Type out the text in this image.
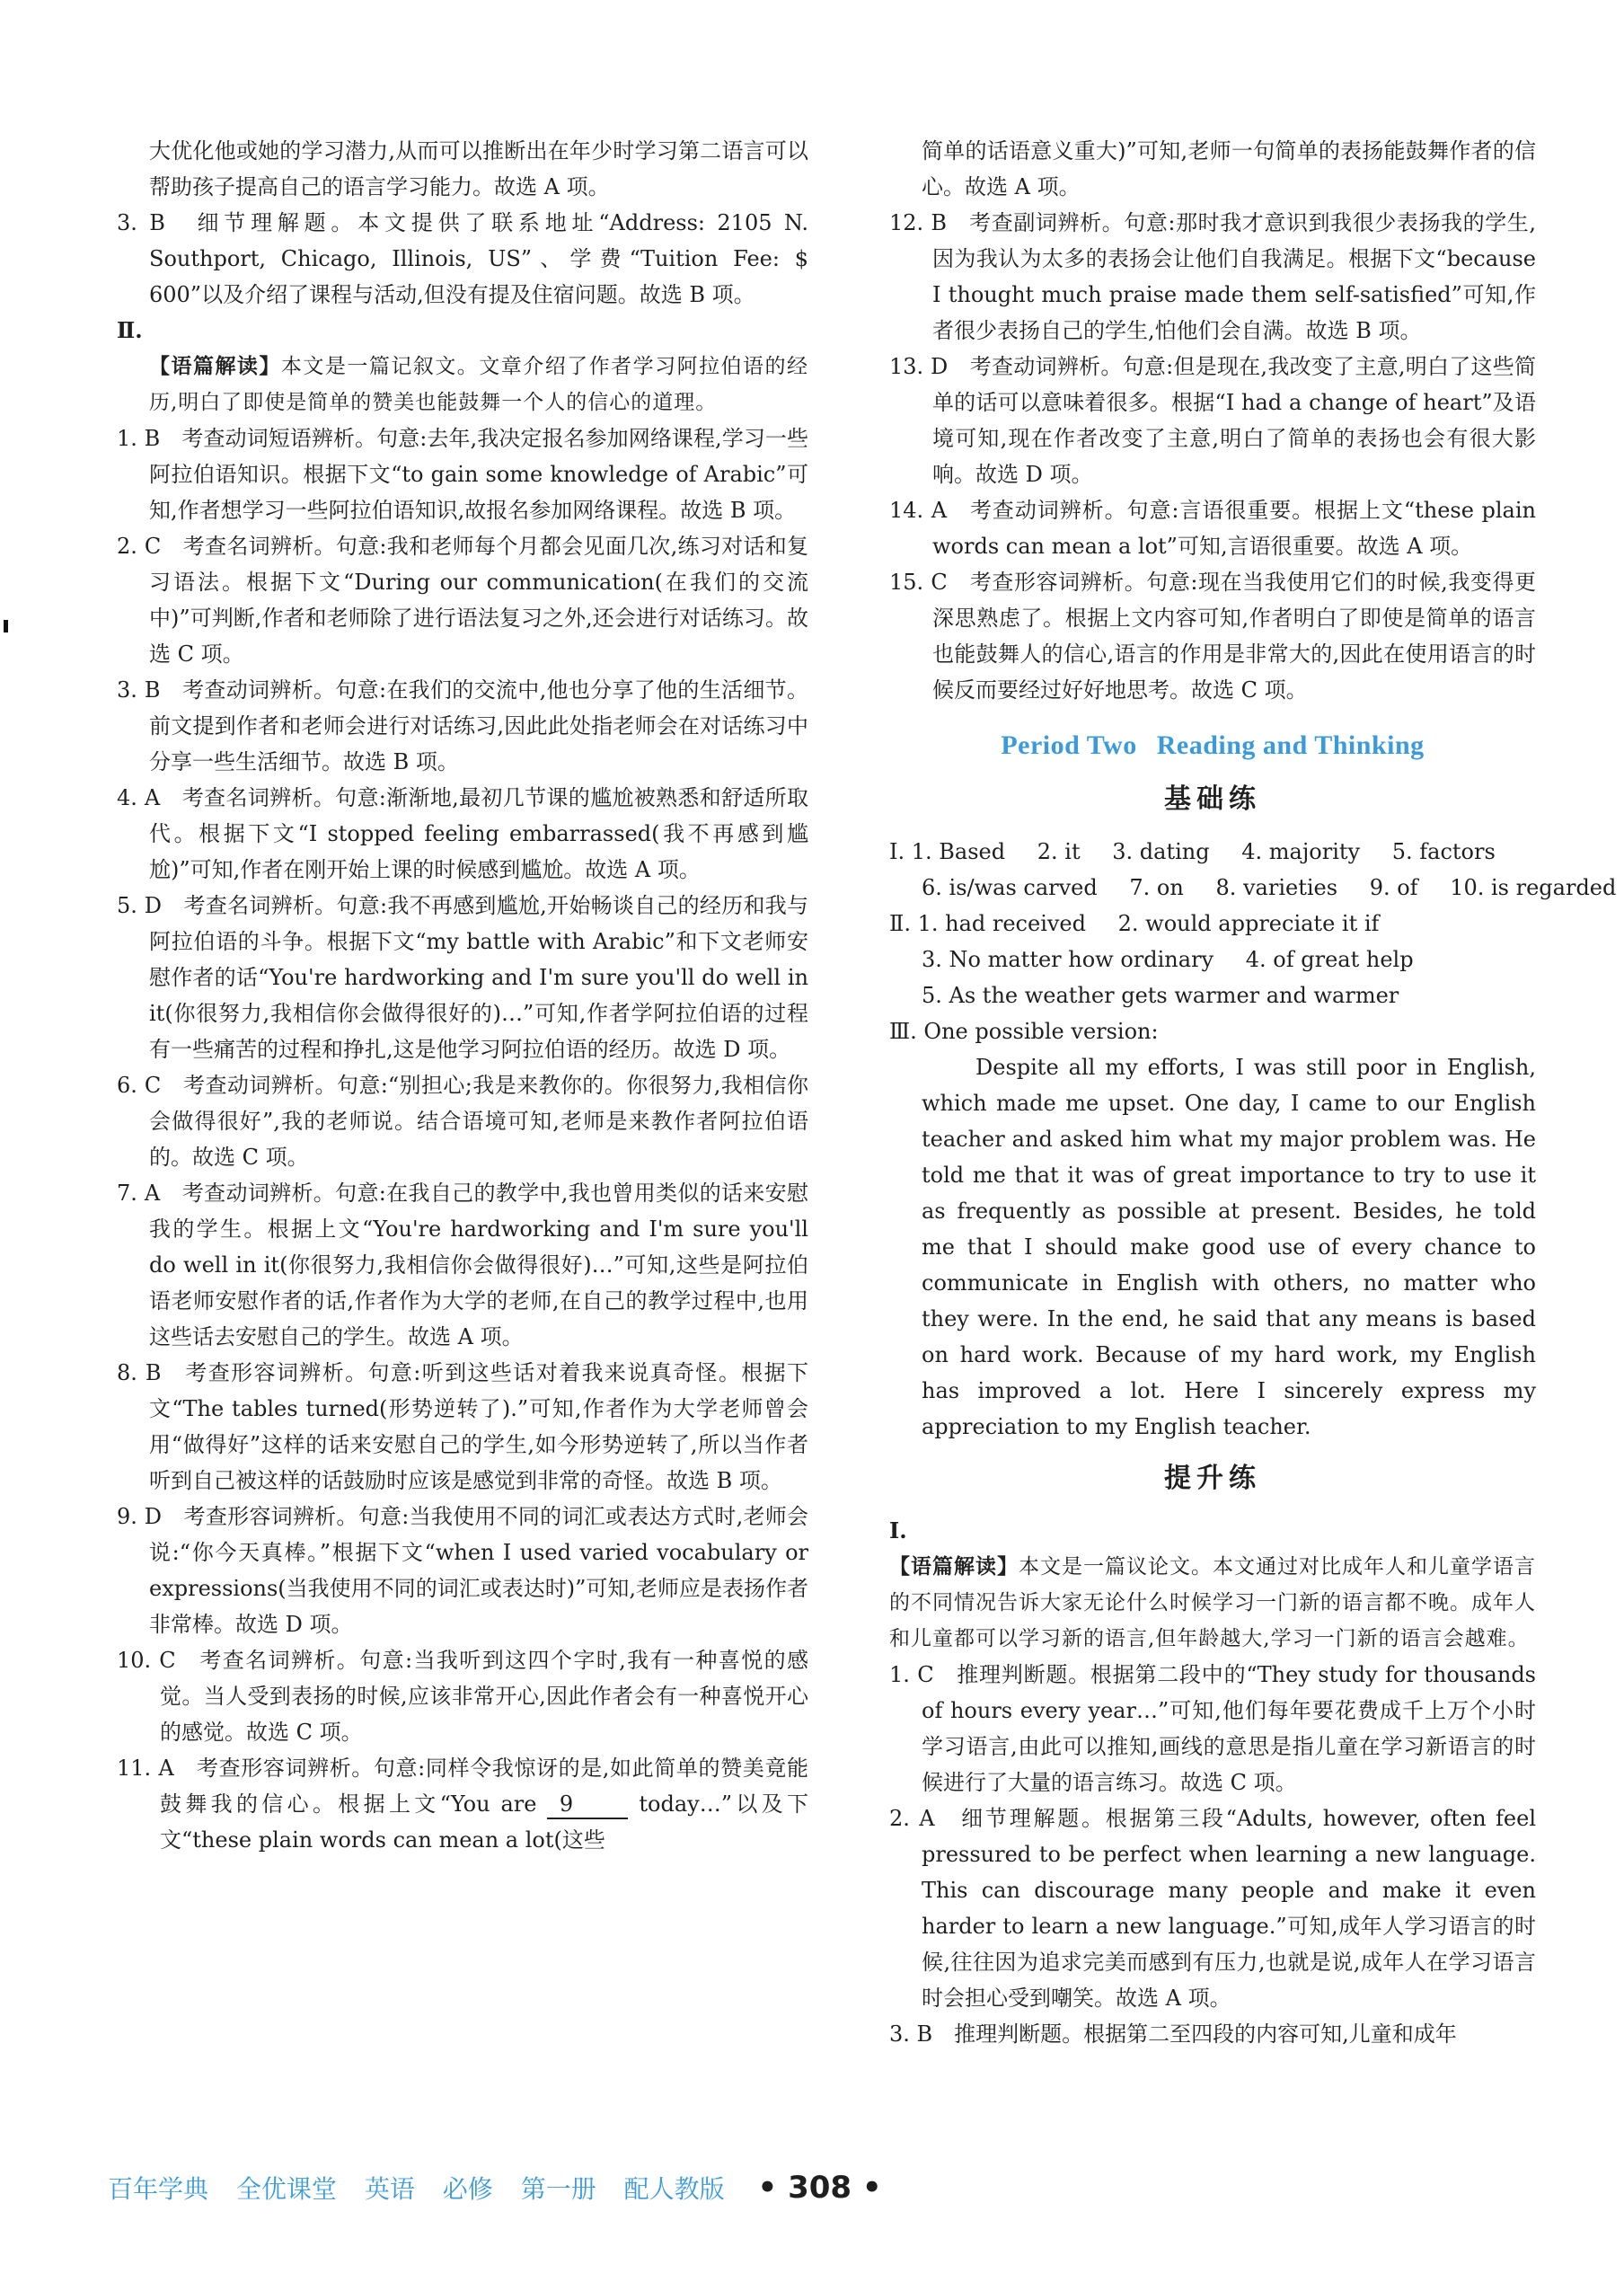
大优化他或她的学习潜力,从而可以推断出在年少时学习第二语言可以帮助孩子提高自己的语言学习能力。故选 A 项。

3. B　细节理解题。本文提供了联系地址“Address: 2105 N. Southport, Chicago, Illinois, US”、学费“Tuition Fee: $ 600”以及介绍了课程与活动,但没有提及住宿问题。故选 B 项。

Ⅱ.

【语篇解读】本文是一篇记叙文。文章介绍了作者学习阿拉伯语的经历,明白了即使是简单的赞美也能鼓舞一个人的信心的道理。

1. B　考查动词短语辨析。句意:去年,我决定报名参加网络课程,学习一些阿拉伯语知识。根据下文“to gain some knowledge of Arabic”可知,作者想学习一些阿拉伯语知识,故报名参加网络课程。故选 B 项。

2. C　考查名词辨析。句意:我和老师每个月都会见面几次,练习对话和复习语法。根据下文“During our communication(在我们的交流中)”可判断,作者和老师除了进行语法复习之外,还会进行对话练习。故选 C 项。

3. B　考查动词辨析。句意:在我们的交流中,他也分享了他的生活细节。前文提到作者和老师会进行对话练习,因此此处指老师会在对话练习中分享一些生活细节。故选 B 项。

4. A　考查名词辨析。句意:渐渐地,最初几节课的尴尬被熟悉和舒适所取代。根据下文“I stopped feeling embarrassed(我不再感到尴尬)”可知,作者在刚开始上课的时候感到尴尬。故选 A 项。

5. D　考查名词辨析。句意:我不再感到尴尬,开始畅谈自己的经历和我与阿拉伯语的斗争。根据下文“my battle with Arabic”和下文老师安慰作者的话“You're hardworking and I'm sure you'll do well in it(你很努力,我相信你会做得很好的)…”可知,作者学阿拉伯语的过程有一些痛苦的过程和挣扎,这是他学习阿拉伯语的经历。故选 D 项。

6. C　考查动词辨析。句意:“别担心;我是来教你的。你很努力,我相信你会做得很好”,我的老师说。结合语境可知,老师是来教作者阿拉伯语的。故选 C 项。

7. A　考查动词辨析。句意:在我自己的教学中,我也曾用类似的话来安慰我的学生。根据上文“You're hardworking and I'm sure you'll do well in it(你很努力,我相信你会做得很好)…”可知,这些是阿拉伯语老师安慰作者的话,作者作为大学的老师,在自己的教学过程中,也用这些话去安慰自己的学生。故选 A 项。

8. B　考查形容词辨析。句意:听到这些话对着我来说真奇怪。根据下文“The tables turned(形势逆转了).”可知,作者作为大学老师曾会用“做得好”这样的话来安慰自己的学生,如今形势逆转了,所以当作者听到自己被这样的话鼓励时应该是感觉到非常的奇怪。故选 B 项。

9. D　考查形容词辨析。句意:当我使用不同的词汇或表达方式时,老师会说:“你今天真棒。”根据下文“when I used varied vocabulary or expressions(当我使用不同的词汇或表达时)”可知,老师应是表扬作者非常棒。故选 D 项。

10. C　考查名词辨析。句意:当我听到这四个字时,我有一种喜悦的感觉。当人受到表扬的时候,应该非常开心,因此作者会有一种喜悦开心的感觉。故选 C 项。

11. A　考查形容词辨析。句意:同样令我惊讶的是,如此简单的赞美竟能鼓舞我的信心。根据上文“You are 9	today…”以及下文“these plain words can mean a lot(这些

简单的话语意义重大)”可知,老师一句简单的表扬能鼓舞作者的信心。故选 A 项。

12. B　考查副词辨析。句意:那时我才意识到我很少表扬我的学生,因为我认为太多的表扬会让他们自我满足。根据下文“because I thought much praise made them self-satisfied”可知,作者很少表扬自己的学生,怕他们会自满。故选 B 项。

13. D　考查动词辨析。句意:但是现在,我改变了主意,明白了这些简单的话可以意味着很多。根据“I had a change of heart”及语境可知,现在作者改变了主意,明白了简单的表扬也会有很大影响。故选 D 项。

14. A　考查动词辨析。句意:言语很重要。根据上文“these plain words can mean a lot”可知,言语很重要。故选 A 项。

15. C　考查形容词辨析。句意:现在当我使用它们的时候,我变得更深思熟虑了。根据上文内容可知,作者明白了即使是简单的语言也能鼓舞人的信心,语言的作用是非常大的,因此在使用语言的时候反而要经过好好地思考。故选 C 项。

Period Two Reading and Thinking
基础练

Ⅰ. 1. Based 2. it 3. dating 4. majority 5. factors

6. is/was carved 7. on 8. varieties 9. of 10. is regarded

Ⅱ. 1. had received 2. would appreciate it if

3. No matter how ordinary 4. of great help

5. As the weather gets warmer and warmer

Ⅲ. One possible version:

Despite all my efforts, I was still poor in English, which made me upset. One day, I came to our English teacher and asked him what my major problem was. He told me that it was of great importance to try to use it as frequently as possible at present. Besides, he told me that I should make good use of every chance to communicate in English with others, no matter who they were. In the end, he said that any means is based on hard work. Because of my hard work, my English has improved a lot. Here I sincerely express my appreciation to my English teacher.

提升练

Ⅰ.

【语篇解读】本文是一篇议论文。本文通过对比成年人和儿童学语言的不同情况告诉大家无论什么时候学习一门新的语言都不晚。成年人和儿童都可以学习新的语言,但年龄越大,学习一门新的语言会越难。

1. C　推理判断题。根据第二段中的“They study for thousands of hours every year…”可知,他们每年要花费成千上万个小时学习语言,由此可以推知,画线的意思是指儿童在学习新语言的时候进行了大量的语言练习。故选 C 项。

2. A　细节理解题。根据第三段“Adults, however, often feel pressured to be perfect when learning a new language. This can discourage many people and make it even harder to learn a new language.”可知,成年人学习语言的时候,往往因为追求完美而感到有压力,也就是说,成年人在学习语言时会担心受到嘲笑。故选 A 项。

3. B　推理判断题。根据第二至四段的内容可知,儿童和成年

百年学典 全优课堂 英语 必修 第一册 配人教版 • 308 •
